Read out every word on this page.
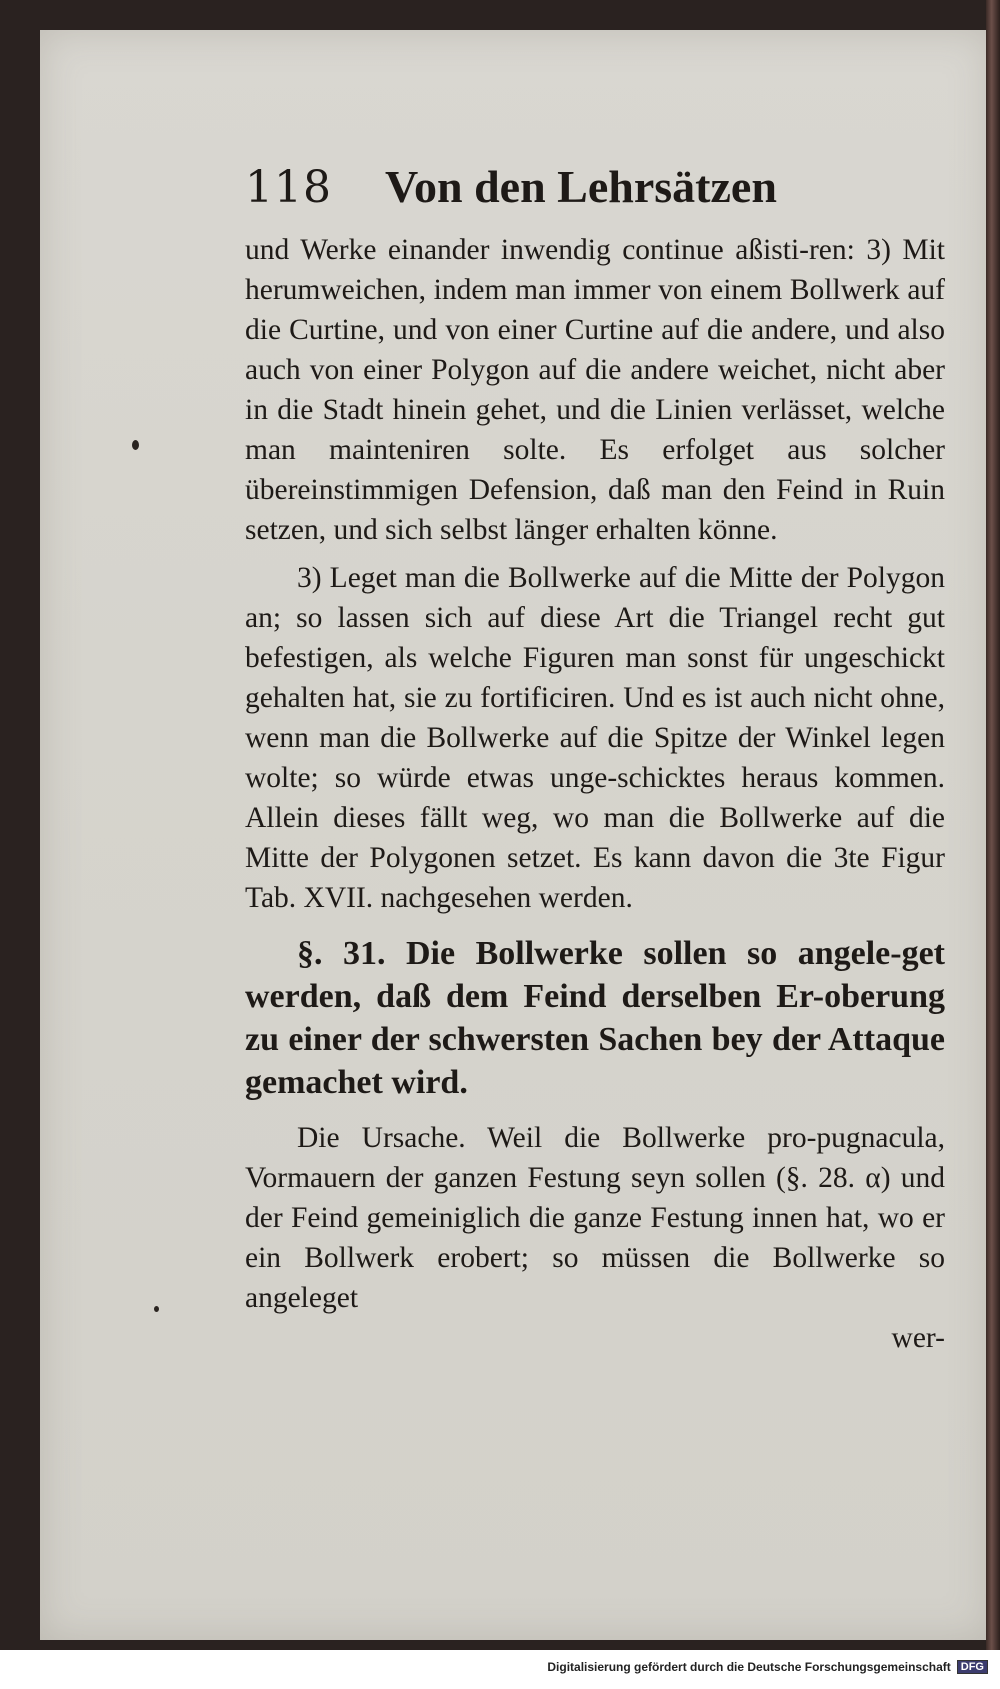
118	Von den Lehrsätzen

und Werke einander inwendig continue aßisti-ren: 3) Mit herumweichen, indem man immer von einem Bollwerk auf die Curtine, und von einer Curtine auf die andere, und also auch von einer Polygon auf die andere weichet, nicht aber in die Stadt hinein gehet, und die Linien verlässet, welche man mainteniren solte. Es erfolget aus solcher übereinstimmigen Defension, daß man den Feind in Ruin setzen, und sich selbst länger erhalten könne.

3) Leget man die Bollwerke auf die Mitte der Polygon an; so lassen sich auf diese Art die Triangel recht gut befestigen, als welche Figuren man sonst für ungeschickt gehalten hat, sie zu fortificiren. Und es ist auch nicht ohne, wenn man die Bollwerke auf die Spitze der Winkel legen wolte; so würde etwas unge-schicktes heraus kommen. Allein dieses fällt weg, wo man die Bollwerke auf die Mitte der Polygonen setzet. Es kann davon die 3te Figur Tab. XVII. nachgesehen werden.

§. 31. Die Bollwerke sollen so angele-get werden, daß dem Feind derselben Er-oberung zu einer der schwersten Sachen bey der Attaque gemachet wird.

Die Ursache. Weil die Bollwerke pro-pugnacula, Vormauern der ganzen Festung seyn sollen (§. 28. α) und der Feind gemeiniglich die ganze Festung innen hat, wo er ein Bollwerk erobert; so müssen die Bollwerke so angeleget

wer-

Digitalisierung gefördert durch die Deutsche Forschungsgemeinschaft DFG
